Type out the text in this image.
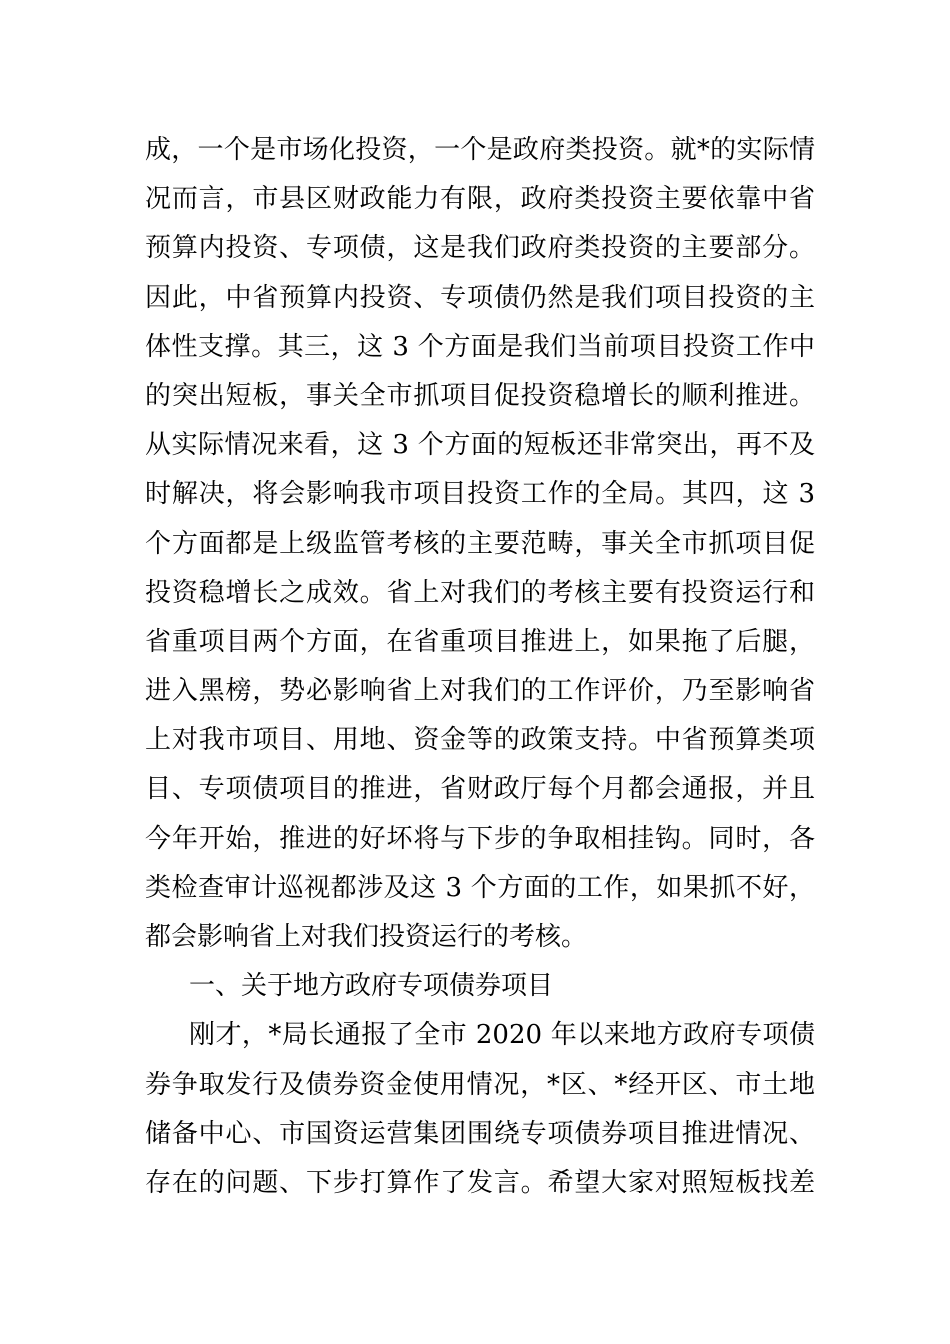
成，一个是市场化投资，一个是政府类投资。就*的实际情
况而言，市县区财政能力有限，政府类投资主要依靠中省
预算内投资、专项债，这是我们政府类投资的主要部分。
因此，中省预算内投资、专项债仍然是我们项目投资的主
体性支撑。其三，这 3 个方面是我们当前项目投资工作中
的突出短板，事关全市抓项目促投资稳增长的顺利推进。
从实际情况来看，这 3 个方面的短板还非常突出，再不及
时解决，将会影响我市项目投资工作的全局。其四，这 3
个方面都是上级监管考核的主要范畴，事关全市抓项目促
投资稳增长之成效。省上对我们的考核主要有投资运行和
省重项目两个方面，在省重项目推进上，如果拖了后腿，
进入黑榜，势必影响省上对我们的工作评价，乃至影响省
上对我市项目、用地、资金等的政策支持。中省预算类项
目、专项债项目的推进，省财政厅每个月都会通报，并且
今年开始，推进的好坏将与下步的争取相挂钩。同时，各
类检查审计巡视都涉及这 3 个方面的工作，如果抓不好，
都会影响省上对我们投资运行的考核。
一、关于地方政府专项债券项目
刚才，*局长通报了全市 2020 年以来地方政府专项债
券争取发行及债券资金使用情况，*区、*经开区、市土地
储备中心、市国资运营集团围绕专项债券项目推进情况、
存在的问题、下步打算作了发言。希望大家对照短板找差
